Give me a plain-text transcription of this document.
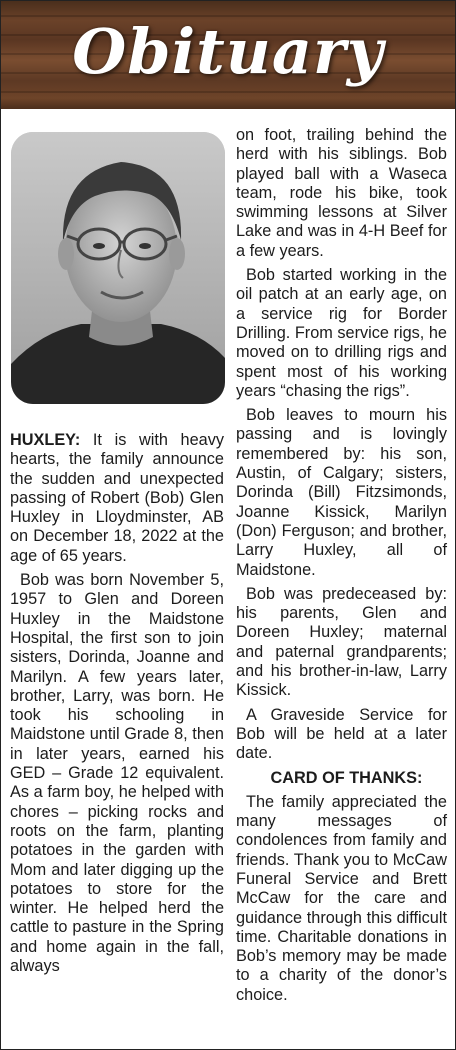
Obituary

HUXLEY: It is with heavy hearts, the family announce the sudden and unexpected passing of Robert (Bob) Glen Huxley in Lloydminster, AB on December 18, 2022 at the age of 65 years.

Bob was born November 5, 1957 to Glen and Doreen Huxley in the Maidstone Hospital, the first son to join sisters, Dorinda, Joanne and Marilyn. A few years later, brother, Larry, was born. He took his schooling in Maidstone until Grade 8, then in later years, earned his GED – Grade 12 equivalent. As a farm boy, he helped with chores – picking rocks and roots on the farm, planting potatoes in the garden with Mom and later digging up the potatoes to store for the winter. He helped herd the cattle to pasture in the Spring and home again in the fall, always

on foot, trailing behind the herd with his siblings. Bob played ball with a Waseca team, rode his bike, took swimming lessons at Silver Lake and was in 4-H Beef for a few years.

Bob started working in the oil patch at an early age, on a service rig for Border Drilling. From service rigs, he moved on to drilling rigs and spent most of his working years “chasing the rigs”.

Bob leaves to mourn his passing and is lovingly remembered by: his son, Austin, of Calgary; sisters, Dorinda (Bill) Fitzsimonds, Joanne Kissick, Marilyn (Don) Ferguson; and brother, Larry Huxley, all of Maidstone.

Bob was predeceased by: his parents, Glen and Doreen Huxley; maternal and paternal grandparents; and his brother-in-law, Larry Kissick.

A Graveside Service for Bob will be held at a later date.

CARD OF THANKS:

The family appreciated the many messages of condolences from family and friends. Thank you to McCaw Funeral Service and Brett McCaw for the care and guidance through this difficult time. Charitable donations in Bob’s memory may be made to a charity of the donor’s choice.
